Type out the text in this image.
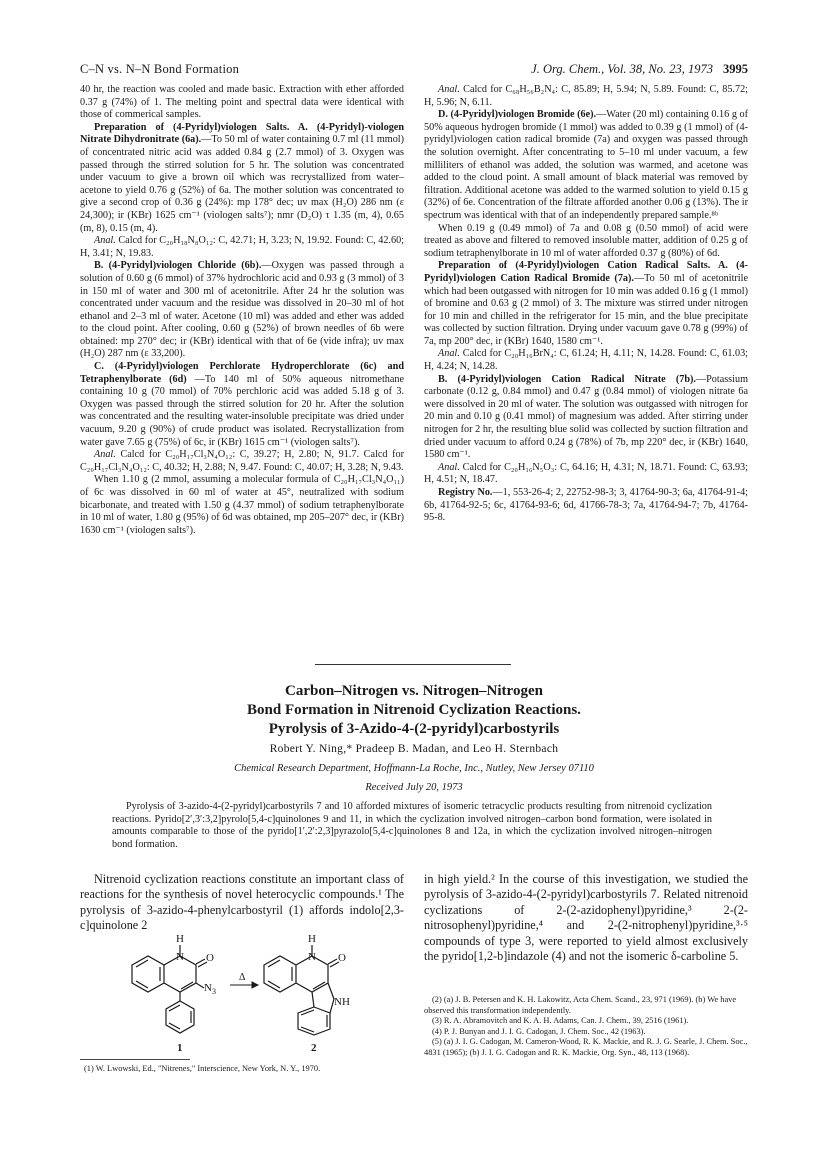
C–N vs. N–N Bond Formation	J. Org. Chem., Vol. 38, No. 23, 1973 3995

40 hr, the reaction was cooled and made basic. Extraction with ether afforded 0.37 g (74%) of 1. The melting point and spectral data were identical with those of commerical samples.

Preparation of (4-Pyridyl)viologen Salts. A. (4-Pyridyl)-viologen Nitrate Dihydronitrate (6a).—To 50 ml of water containing 0.7 ml (11 mmol) of concentrated nitric acid was added 0.84 g (2.7 mmol) of 3. Oxygen was passed through the stirred solution for 5 hr. The solution was concentrated under vacuum to give a brown oil which was recrystallized from water–acetone to yield 0.76 g (52%) of 6a. The mother solution was concentrated to give a second crop of 0.36 g (24%): mp 178° dec; uv max (H₂O) 286 nm (ε 24,300); ir (KBr) 1625 cm⁻¹ (viologen salts⁷); nmr (D₂O) τ 1.35 (m, 4), 0.65 (m, 8), 0.15 (m, 4).

Anal. Calcd for C₂₀H₁₈N₈O₁₂: C, 42.71; H, 3.23; N, 19.92. Found: C, 42.60; H, 3.41; N, 19.83.

B. (4-Pyridyl)viologen Chloride (6b).—Oxygen was passed through a solution of 0.60 g (6 mmol) of 37% hydrochloric acid and 0.93 g (3 mmol) of 3 in 150 ml of water and 300 ml of acetonitrile. After 24 hr the solution was concentrated under vacuum and the residue was dissolved in 20–30 ml of hot ethanol and 2–3 ml of water. Acetone (10 ml) was added and ether was added to the cloud point. After cooling, 0.60 g (52%) of brown needles of 6b were obtained: mp 270° dec; ir (KBr) identical with that of 6e (vide infra); uv max (H₂O) 287 nm (ε 33,200).

C. (4-Pyridyl)viologen Perchlorate Hydroperchlorate (6c) and Tetraphenylborate (6d) —To 140 ml of 50% aqueous nitromethane containing 10 g (70 mmol) of 70% perchloric acid was added 5.18 g of 3. Oxygen was passed through the stirred solution for 20 hr. After the solution was concentrated and the resulting water-insoluble precipitate was dried under vacuum, 9.20 g (90%) of crude product was isolated. Recrystallization from water gave 7.65 g (75%) of 6c, ir (KBr) 1615 cm⁻¹ (viologen salts⁷).

Anal. Calcd for C₂₀H₁₇Cl₃N₄O₁₂: C, 39.27; H, 2.80; N, 91.7. Calcd for C₂₀H₁₇Cl₃N₄O₁₂: C, 40.32; H, 2.88; N, 9.47. Found: C, 40.07; H, 3.28; N, 9.43.

When 1.10 g (2 mmol, assuming a molecular formula of C₂₀H₁₇Cl₃N₄O₁₁) of 6c was dissolved in 60 ml of water at 45°, neutralized with sodium bicarbonate, and treated with 1.50 g (4.37 mmol) of sodium tetraphenylborate in 10 ml of water, 1.80 g (95%) of 6d was obtained, mp 205–207° dec, ir (KBr) 1630 cm⁻¹ (viologen salts⁷).

Anal. Calcd for C₆₈H₅₆B₂N₄: C, 85.89; H, 5.94; N, 5.89. Found: C, 85.72; H, 5.96; N, 6.11.

D. (4-Pyridyl)viologen Bromide (6e).—Water (20 ml) containing 0.16 g of 50% aqueous hydrogen bromide (1 mmol) was added to 0.39 g (1 mmol) of (4-pyridyl)viologen cation radical bromide (7a) and oxygen was passed through the solution overnight. After concentrating to 5–10 ml under vacuum, a few milliliters of ethanol was added, the solution was warmed, and acetone was added to the cloud point. A small amount of black material was removed by filtration. Additional acetone was added to the warmed solution to yield 0.15 g (32%) of 6e. Concentration of the filtrate afforded another 0.06 g (13%). The ir spectrum was identical with that of an independently prepared sample.⁸ᵇ

When 0.19 g (0.49 mmol) of 7a and 0.08 g (0.50 mmol) of acid were treated as above and filtered to removed insoluble matter, addition of 0.25 g of sodium tetraphenylborate in 10 ml of water afforded 0.37 g (80%) of 6d.

Preparation of (4-Pyridyl)viologen Cation Radical Salts. A. (4-Pyridyl)viologen Cation Radical Bromide (7a).—To 50 ml of acetonitrile which had been outgassed with nitrogen for 10 min was added 0.16 g (1 mmol) of bromine and 0.63 g (2 mmol) of 3. The mixture was stirred under nitrogen for 10 min and chilled in the refrigerator for 15 min, and the blue precipitate was collected by suction filtration. Drying under vacuum gave 0.78 g (99%) of 7a, mp 200° dec, ir (KBr) 1640, 1580 cm⁻¹.

Anal. Calcd for C₂₀H₁₆BrN₄: C, 61.24; H, 4.11; N, 14.28. Found: C, 61.03; H, 4.24; N, 14.28.

B. (4-Pyridyl)viologen Cation Radical Nitrate (7b).—Potassium carbonate (0.12 g, 0.84 mmol) and 0.47 g (0.84 mmol) of viologen nitrate 6a were dissolved in 20 ml of water. The solution was outgassed with nitrogen for 20 min and 0.10 g (0.41 mmol) of magnesium was added. After stirring under nitrogen for 2 hr, the resulting blue solid was collected by suction filtration and dried under vacuum to afford 0.24 g (78%) of 7b, mp 220° dec, ir (KBr) 1640, 1580 cm⁻¹.

Anal. Calcd for C₂₀H₁₆N₅O₃: C, 64.16; H, 4.31; N, 18.71. Found: C, 63.93; H, 4.51; N, 18.47.

Registry No.—1, 553-26-4; 2, 22752-98-3; 3, 41764-90-3; 6a, 41764-91-4; 6b, 41764-92-5; 6c, 41764-93-6; 6d, 41766-78-3; 7a, 41764-94-7; 7b, 41764-95-8.

Carbon–Nitrogen vs. Nitrogen–Nitrogen
Bond Formation in Nitrenoid Cyclization Reactions.
Pyrolysis of 3-Azido-4-(2-pyridyl)carbostyrils
Robert Y. Ning,* Pradeep B. Madan, and Leo H. Sternbach
Chemical Research Department, Hoffmann-La Roche, Inc., Nutley, New Jersey 07110
Received July 20, 1973
Pyrolysis of 3-azido-4-(2-pyridyl)carbostyrils 7 and 10 afforded mixtures of isomeric tetracyclic products resulting from nitrenoid cyclization reactions. Pyrido[2′,3′:3,2]pyrolo[5,4-c]quinolones 9 and 11, in which the cyclization involved nitrogen–carbon bond formation, were isolated in amounts comparable to those of the pyrido[1′,2′:2,3]pyrazolo[5,4-c]quinolones 8 and 12a, in which the cyclization involved nitrogen–nitrogen bond formation.

Nitrenoid cyclization reactions constitute an important class of reactions for the synthesis of novel heterocyclic compounds.¹ The pyrolysis of 3-azido-4-phenylcarbostyril (1) affords indolo[2,3-c]quinolone 2

in high yield.² In the course of this investigation, we studied the pyrolysis of 3-azido-4-(2-pyridyl)carbostyrils 7. Related nitrenoid cyclizations of 2-(2-azidophenyl)pyridine,³ 2-(2-nitrosophenyl)pyridine,⁴ and 2-(2-nitrophenyl)pyridine,³·⁵ compounds of type 3, were reported to yield almost exclusively the pyrido[1,2-b]indazole (4) and not the isomeric δ-carboline 5.

H
N O
$N_3$
Δ
H
N O
NH
1	2
(1) W. Lwowski, Ed., "Nitrenes," Interscience, New York, N. Y., 1970.
(2) (a) J. B. Petersen and K. H. Lakowitz, Acta Chem. Scand., 23, 971 (1969). (b) We have observed this transformation independently.
(3) R. A. Abramovitch and K. A. H. Adams, Can. J. Chem., 39, 2516 (1961).
(4) P. J. Bunyan and J. I. G. Cadogan, J. Chem. Soc., 42 (1963).
(5) (a) J. I. G. Cadogan, M. Cameron-Wood, R. K. Mackie, and R. J. G. Searle, J. Chem. Soc., 4831 (1965); (b) J. I. G. Cadogan and R. K. Mackie, Org. Syn., 48, 113 (1968).
